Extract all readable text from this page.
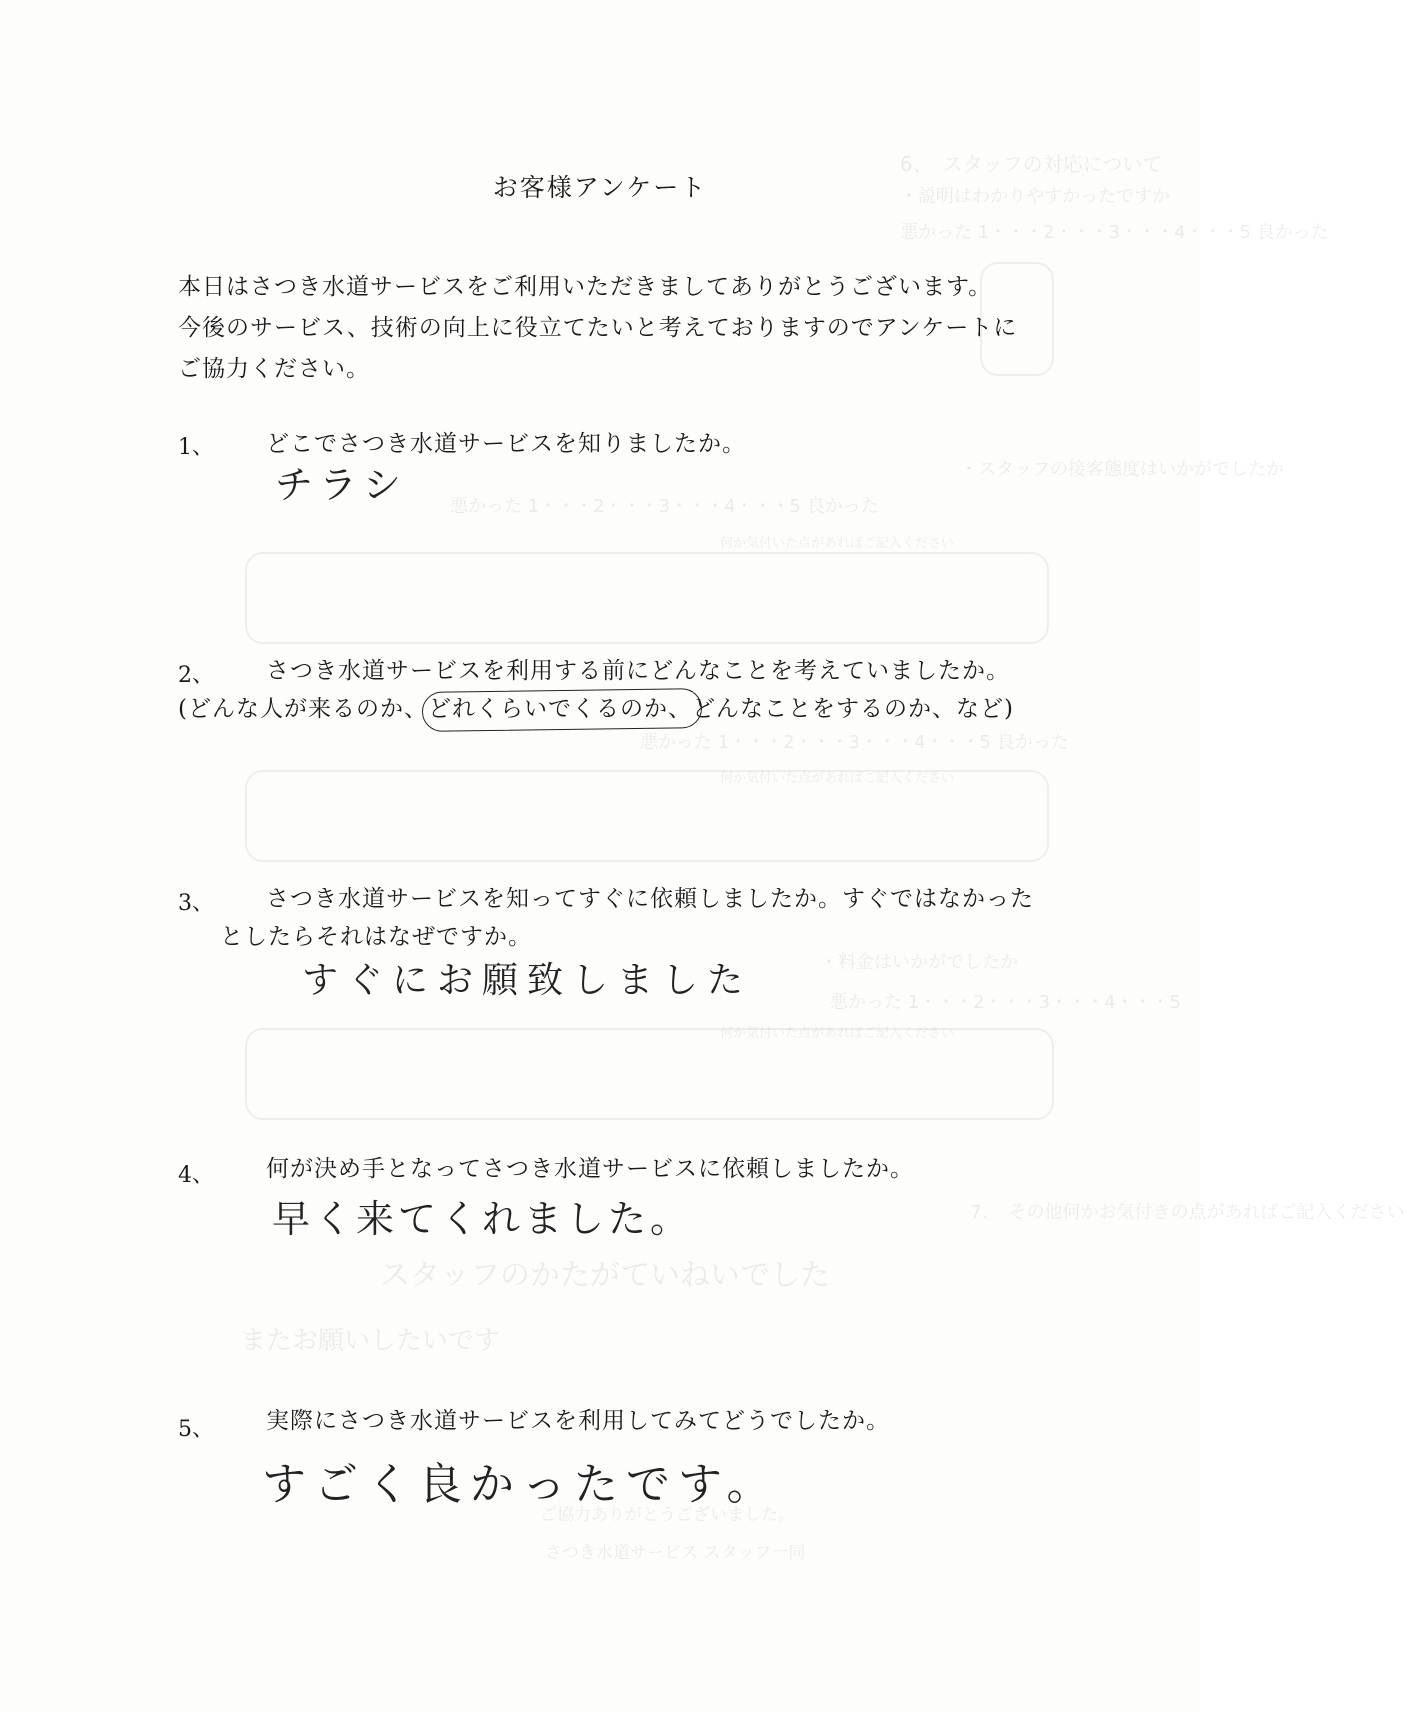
6、　スタッフの対応について
・説明はわかりやすかったですか
悪かった 1・・・2・・・3・・・4・・・5 良かった
・スタッフの接客態度はいかがでしたか
悪かった 1・・・2・・・3・・・4・・・5 良かった
何か気付いた点があればご記入ください
悪かった 1・・・2・・・3・・・4・・・5 良かった
何か気付いた点があればご記入ください
・料金はいかがでしたか
悪かった 1・・・2・・・3・・・4・・・5
何か気付いた点があればご記入ください
7、　その他何かお気付きの点があればご記入ください
スタッフのかたがていねいでした
またお願いしたいです
ご協力ありがとうございました。
さつき水道サービス スタッフ一同
お客様アンケート
本日はさつき水道サービスをご利用いただきましてありがとうございます。
今後のサービス、技術の向上に役立てたいと考えておりますのでアンケートに
ご協力ください。
1、 どこでさつき水道サービスを知りましたか。
チラシ
2、 さつき水道サービスを利用する前にどんなことを考えていましたか。
(どんな人が来るのか、どれくらいでくるのか、どんなことをするのか、など)
3、 さつき水道サービスを知ってすぐに依頼しましたか。すぐではなかった
としたらそれはなぜですか。
すぐにお願致しました
4、 何が決め手となってさつき水道サービスに依頼しましたか。
早く来てくれました。
5、 実際にさつき水道サービスを利用してみてどうでしたか。
すごく良かったです。
